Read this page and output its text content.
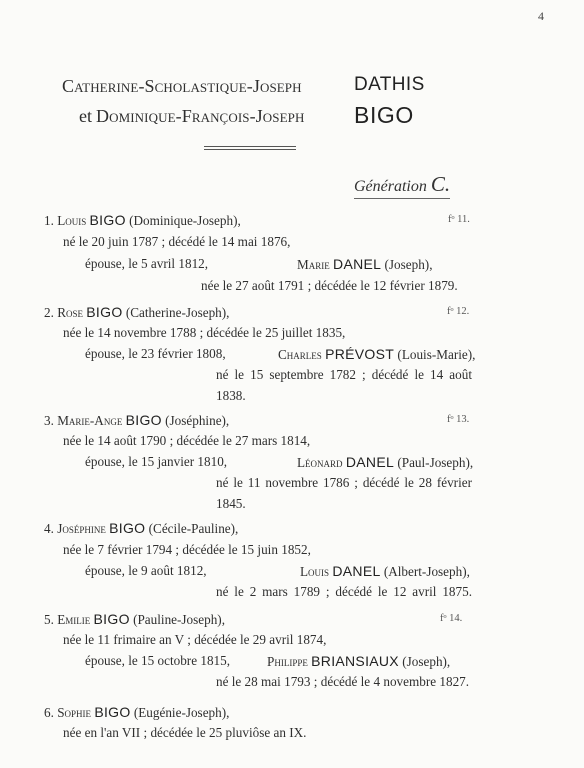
4
Catherine-Scholastique-Joseph	DATHIS
et Dominique-François-Joseph BIGO
Génération C.
1. Louis BIGO (Dominique-Joseph),	fᵒ 11.
né le 20 juin 1787 ; décédé le 14 mai 1876,
épouse, le 5 avril 1812,	Marie DANEL (Joseph),
née le 27 août 1791 ; décédée le 12 février 1879.
2. Rose BIGO (Catherine-Joseph),	fᵒ 12.
née le 14 novembre 1788 ; décédée le 25 juillet 1835,
épouse, le 23 février 1808,	Charles PRÉVOST (Louis-Marie),
né le 15 septembre 1782 ; décédé le 14 août
1838.
3. Marie-Ange BIGO (Joséphine),	fᵒ 13.
née le 14 août 1790 ; décédée le 27 mars 1814,
épouse, le 15 janvier 1810,	Léonard DANEL (Paul-Joseph),
né le 11 novembre 1786 ; décédé le 28 février
1845.
4. Joséphine BIGO (Cécile-Pauline),
née le 7 février 1794 ; décédée le 15 juin 1852,
épouse, le 9 août 1812,	Louis DANEL (Albert-Joseph),
né le 2 mars 1789 ; décédé le 12 avril 1875.
5. Emilie BIGO (Pauline-Joseph),	fᵒ 14.
née le 11 frimaire an V ; décédée le 29 avril 1874,
épouse, le 15 octobre 1815,	Philippe BRIANSIAUX (Joseph),
né le 28 mai 1793 ; décédé le 4 novembre 1827.
6. Sophie BIGO (Eugénie-Joseph),
née en l'an VII ; décédée le 25 pluviôse an IX.
